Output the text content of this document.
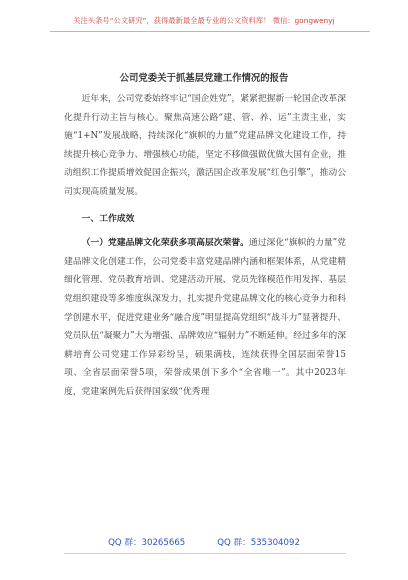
关注头条号“公文研究”，获得最新最全最专业的公文资料库！ 微信：gongwenyj
公司党委关于抓基层党建工作情况的报告

近年来，公司党委始终牢记“国企姓党”，紧紧把握新一轮国企改革深化提升行动主旨与核心。聚焦高速公路“建、管、养、运”主责主业，实施“1+N”发展战略，持续深化“旗帜的力量”党建品牌文化建设工作，持续提升核心竞争力、增强核心功能，坚定不移做强做优做大国有企业，推动组织工作提质增效促国企振兴，激活国企改革发展“红色引擎”，推动公司实现高质量发展。

一、工作成效

（一）党建品牌文化荣获多项高层次荣誉。通过深化“旗帜的力量”党建品牌文化创建工作，公司党委丰富党建品牌内涵和框架体系，从党建精细化管理、党员教育培训、党建活动开展、党员先锋模范作用发挥、基层党组织建设等多维度纵深发力，扎实提升党建品牌文化的核心竞争力和科学创建水平，促进党建业务“融合度”明显提高党组织“战斗力”显著提升、党员队伍“凝聚力”大为增强、品牌效应“辐射力”不断延伸。经过多年的深耕培育公司党建工作异彩纷呈，硕果满枝，连续获得全国层面荣誉15项、全省层面荣誉5项，荣誉成果创下多个“全省唯一”。其中2023年度，党建案例先后获得国家级“优秀理

QQ 群：30265665	QQ 群：535304092
